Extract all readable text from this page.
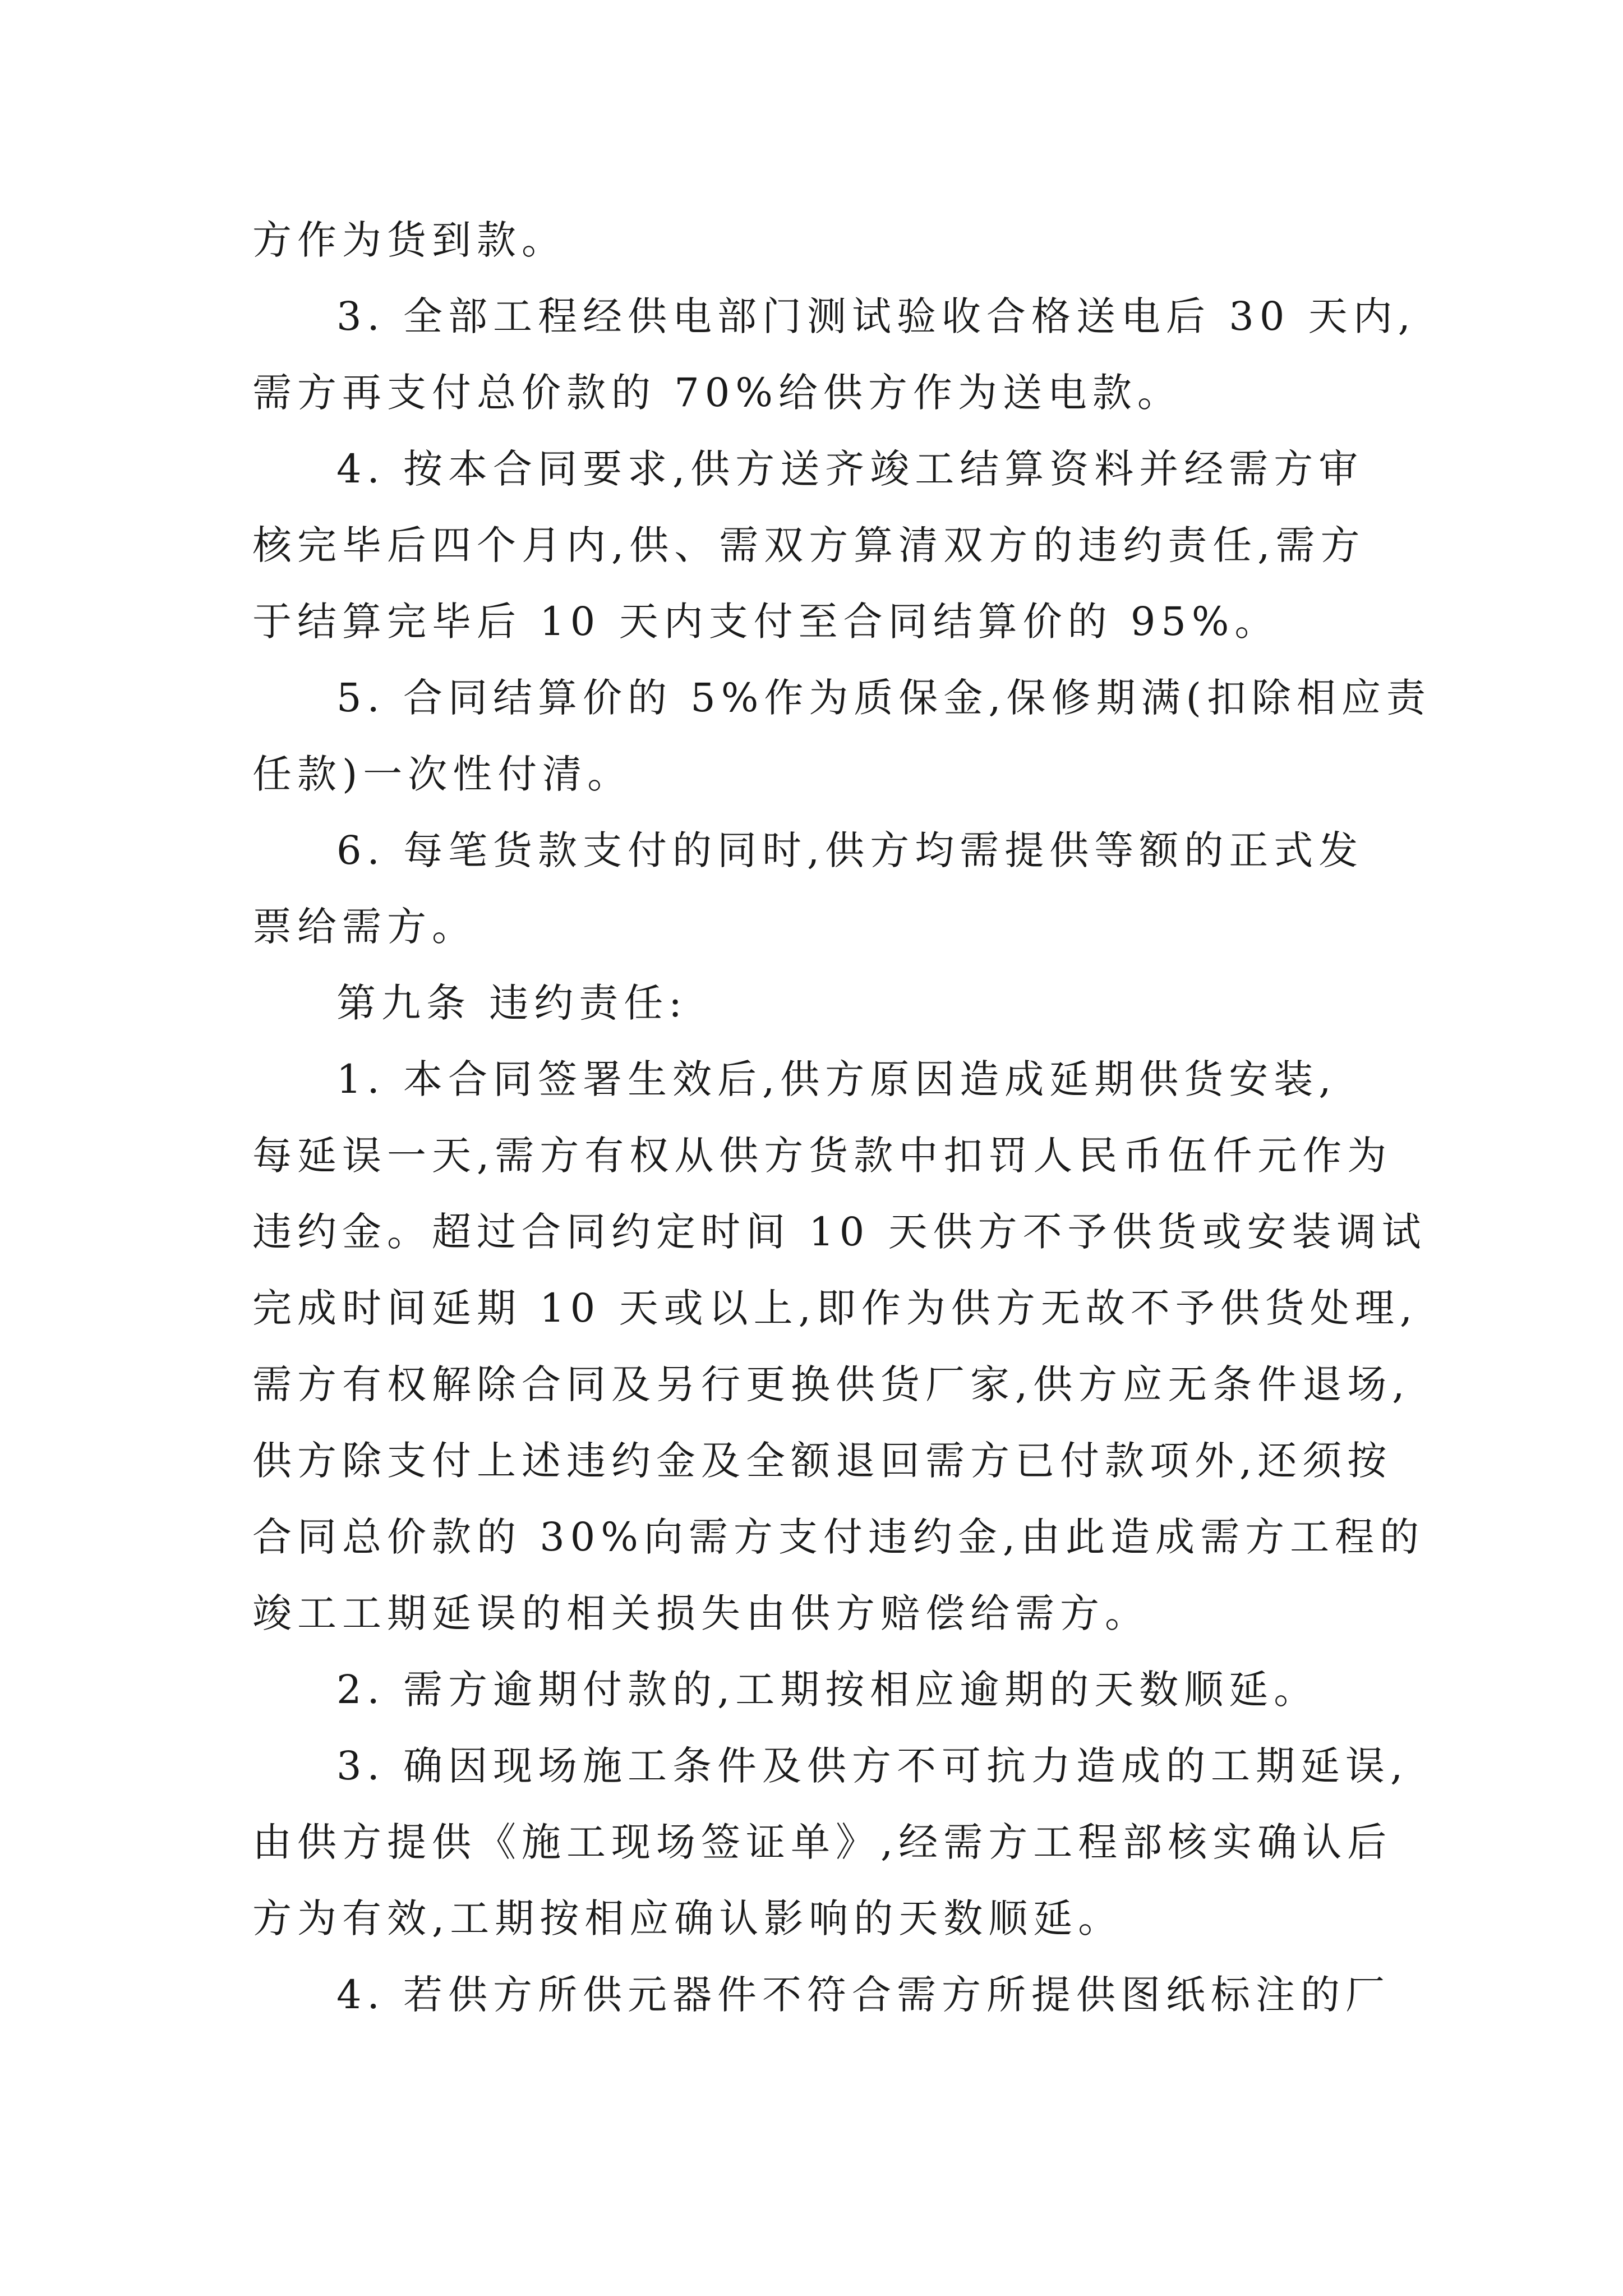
方作为货到款。
3. 全部工程经供电部门测试验收合格送电后 30 天内,
需方再支付总价款的 70%给供方作为送电款。
4. 按本合同要求,供方送齐竣工结算资料并经需方审
核完毕后四个月内,供、需双方算清双方的违约责任,需方
于结算完毕后 10 天内支付至合同结算价的 95%。
5. 合同结算价的 5%作为质保金,保修期满(扣除相应责
任款)一次性付清。
6. 每笔货款支付的同时,供方均需提供等额的正式发
票给需方。
第九条 违约责任:
1. 本合同签署生效后,供方原因造成延期供货安装,
每延误一天,需方有权从供方货款中扣罚人民币伍仟元作为
违约金。超过合同约定时间 10 天供方不予供货或安装调试
完成时间延期 10 天或以上,即作为供方无故不予供货处理,
需方有权解除合同及另行更换供货厂家,供方应无条件退场,
供方除支付上述违约金及全额退回需方已付款项外,还须按
合同总价款的 30%向需方支付违约金,由此造成需方工程的
竣工工期延误的相关损失由供方赔偿给需方。
2. 需方逾期付款的,工期按相应逾期的天数顺延。
3. 确因现场施工条件及供方不可抗力造成的工期延误,
由供方提供《施工现场签证单》,经需方工程部核实确认后
方为有效,工期按相应确认影响的天数顺延。
4. 若供方所供元器件不符合需方所提供图纸标注的厂
